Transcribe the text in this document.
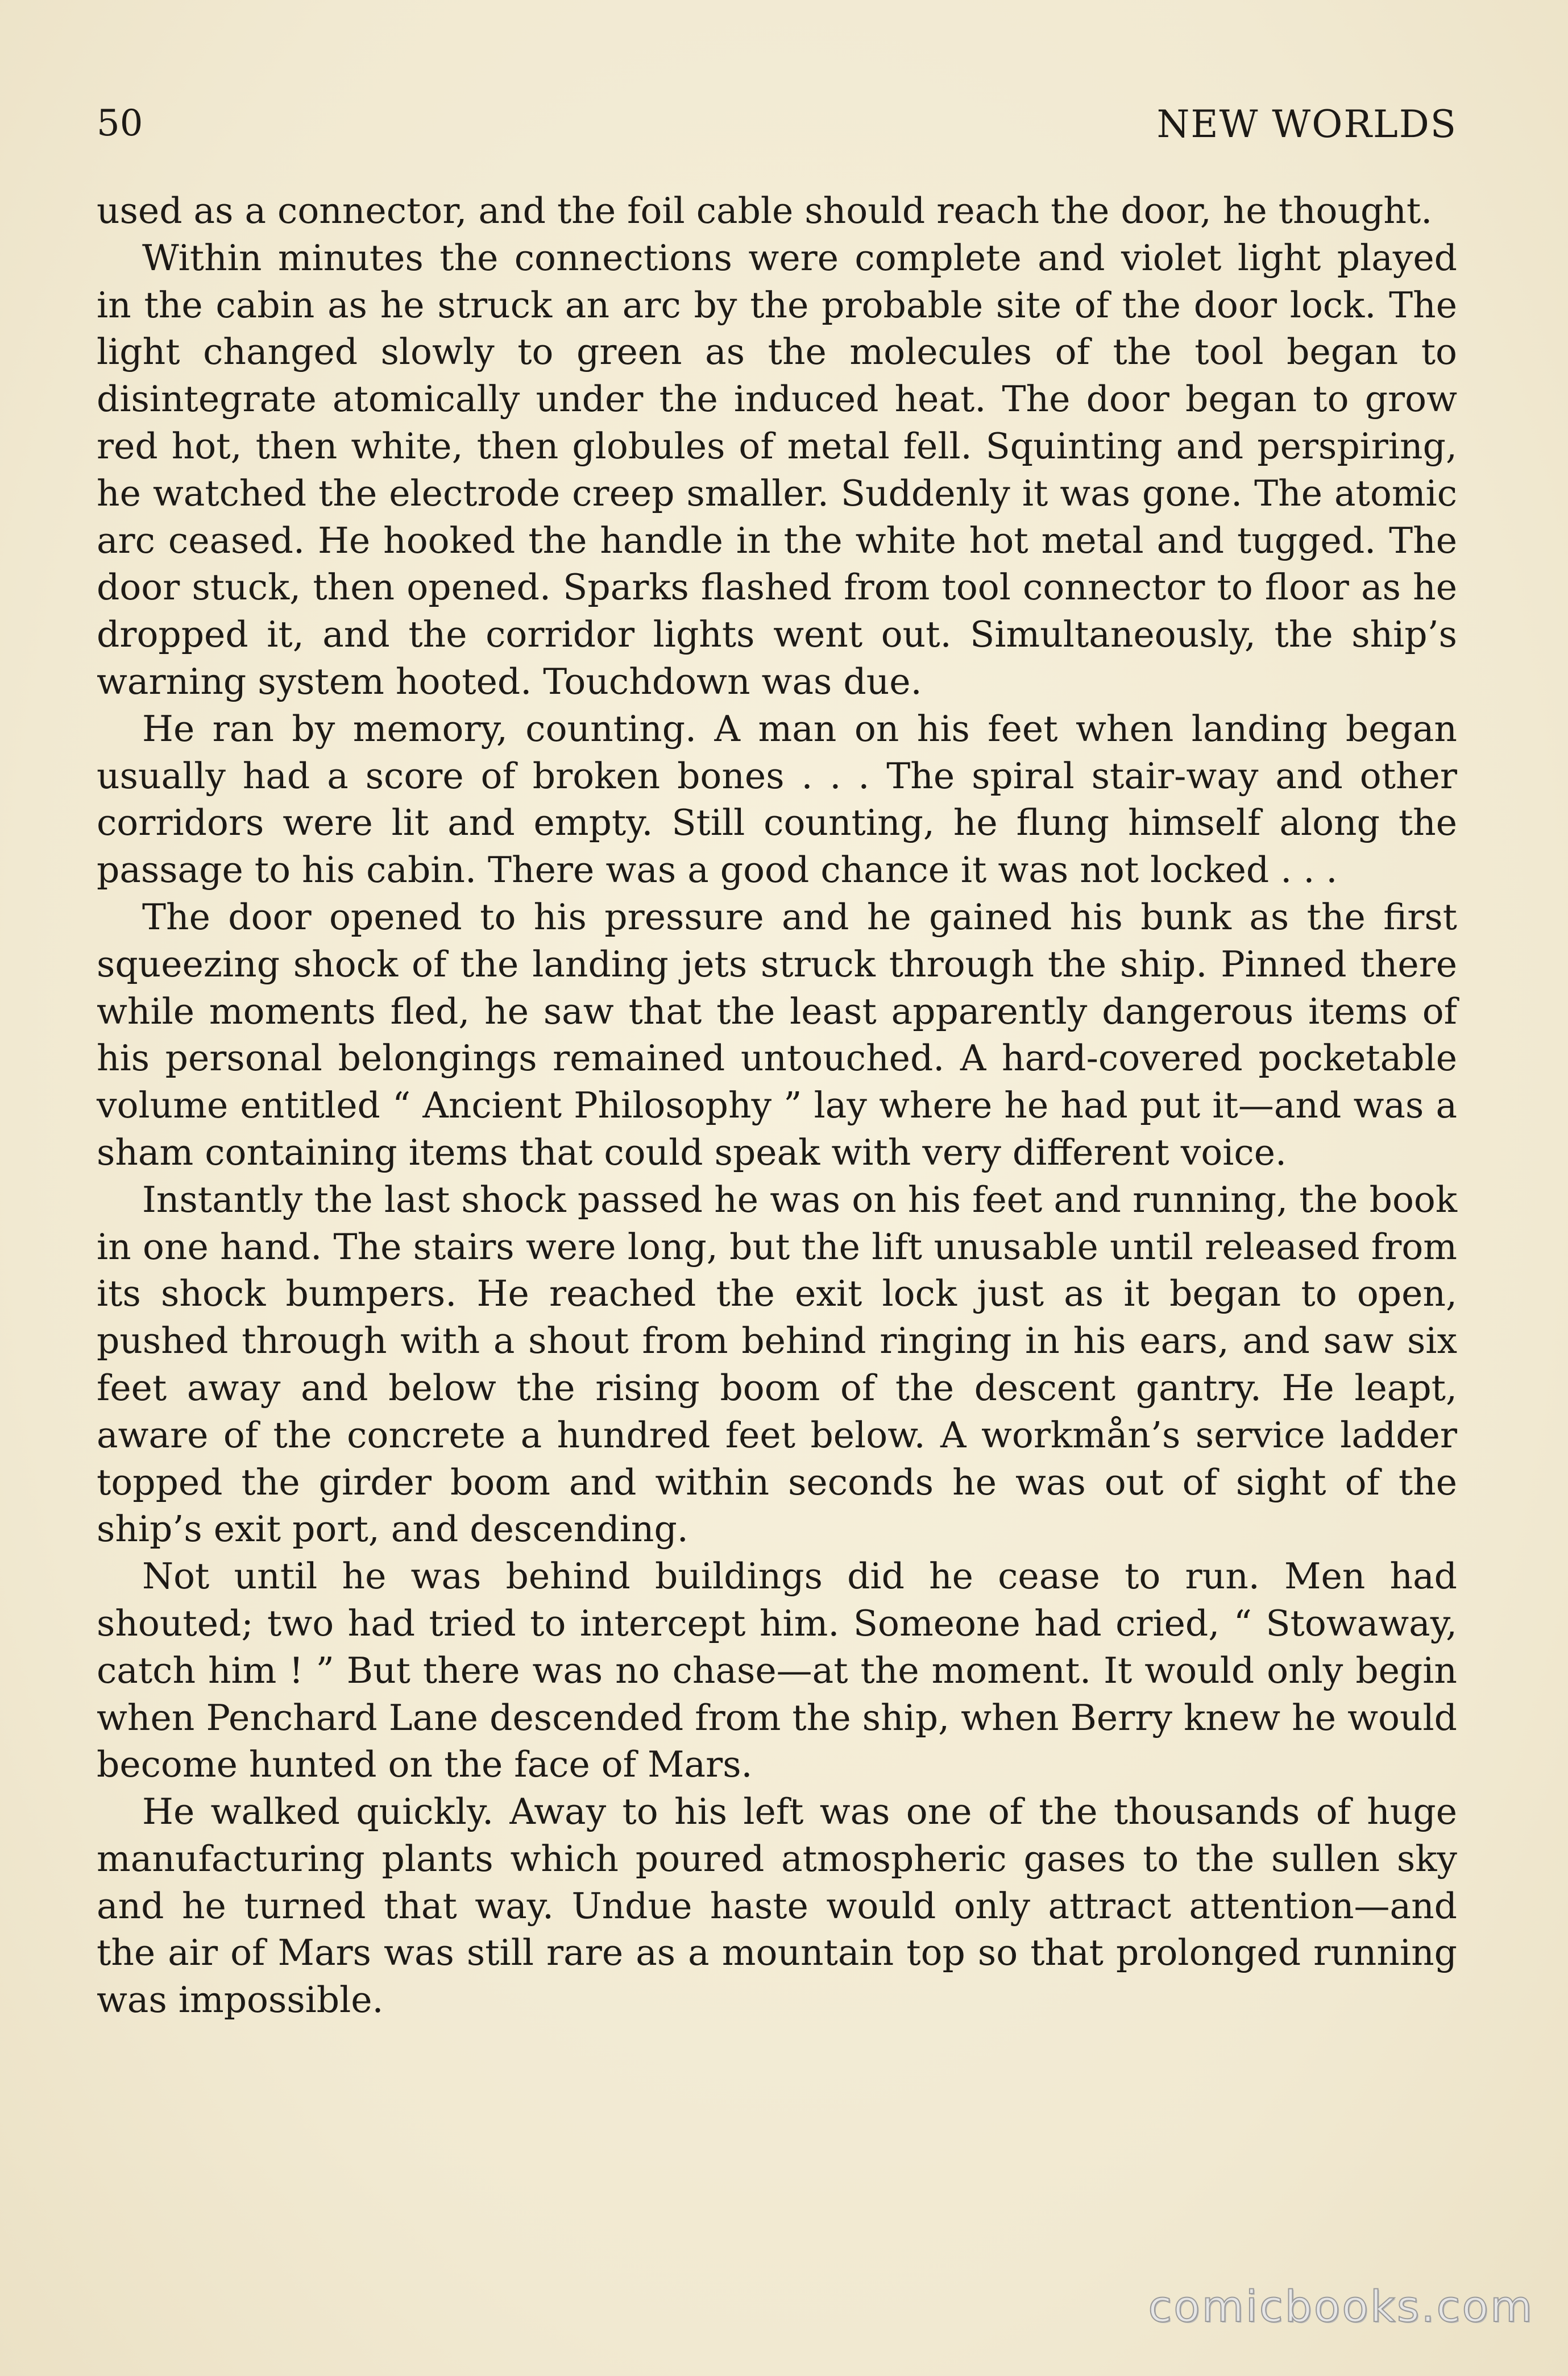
50	NEW WORLDS

used as a connector, and the foil cable should reach the door, he thought.

Within minutes the connections were complete and violet light played in the cabin as he struck an arc by the probable site of the door lock. The light changed slowly to green as the molecules of the tool began to disintegrate atomically under the induced heat. The door began to grow red hot, then white, then globules of metal fell. Squinting and perspiring, he watched the electrode creep smaller. Suddenly it was gone. The atomic arc ceased. He hooked the handle in the white hot metal and tugged. The door stuck, then opened. Sparks flashed from tool connector to floor as he dropped it, and the corridor lights went out. Simultaneously, the ship’s warning system hooted. Touchdown was due.

He ran by memory, counting. A man on his feet when landing began usually had a score of broken bones . . . The spiral stair-way and other corridors were lit and empty. Still counting, he flung himself along the passage to his cabin. There was a good chance it was not locked . . .

The door opened to his pressure and he gained his bunk as the first squeezing shock of the landing jets struck through the ship. Pinned there while moments fled, he saw that the least apparently dangerous items of his personal belongings remained untouched. A hard-covered pocketable volume entitled “ Ancient Philosophy ” lay where he had put it—and was a sham containing items that could speak with very different voice.

Instantly the last shock passed he was on his feet and running, the book in one hand. The stairs were long, but the lift unusable until released from its shock bumpers. He reached the exit lock just as it began to open, pushed through with a shout from behind ringing in his ears, and saw six feet away and below the rising boom of the descent gantry. He leapt, aware of the concrete a hundred feet below. A workmån’s service ladder topped the girder boom and within seconds he was out of sight of the ship’s exit port, and descending.

Not until he was behind buildings did he cease to run. Men had shouted; two had tried to intercept him. Someone had cried, “ Stowaway, catch him ! ” But there was no chase—at the moment. It would only begin when Penchard Lane descended from the ship, when Berry knew he would become hunted on the face of Mars.

He walked quickly. Away to his left was one of the thousands of huge manufacturing plants which poured atmospheric gases to the sullen sky and he turned that way. Undue haste would only attract attention—and the air of Mars was still rare as a mountain top so that prolonged running was impossible.

comicbooks.com
